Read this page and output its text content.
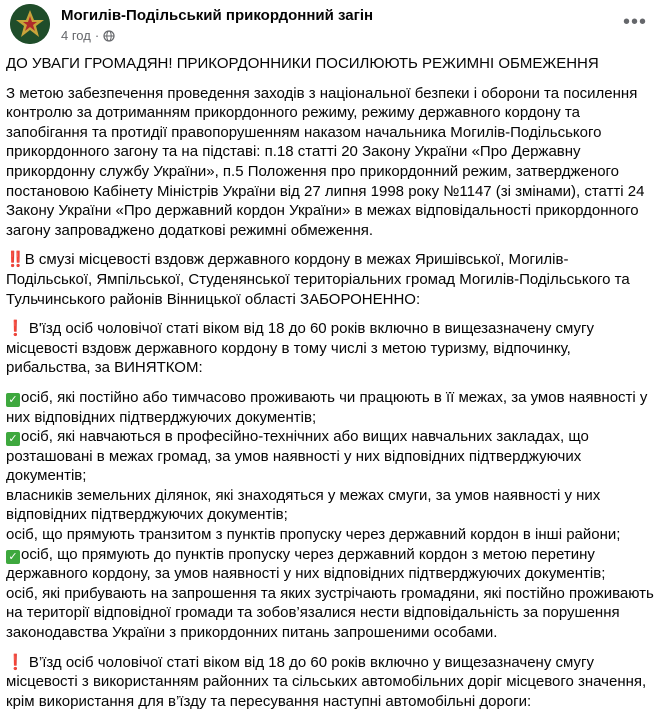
Могилів-Подільський прикордонний загін
4 год ·
•••

ДО УВАГИ ГРОМАДЯН! ПРИКОРДОННИКИ ПОСИЛЮЮТЬ РЕЖИМНІ ОБМЕЖЕННЯ

З метою забезпечення проведення заходів з національної безпеки і оборони та посилення контролю за дотриманням прикордонного режиму, режиму державного кордону та запобігання та протидії правопорушенням наказом начальника Могилів-Подільського прикордонного загону та на підставі: п.18 статті 20 Закону України «Про Державну прикордонну службу України», п.5 Положення про прикордонний режим, затвердженого постановою Кабінету Міністрів України від 27 липня 1998 року №1147 (зі змінами), статті 24 Закону України «Про державний кордон України» в межах відповідальності прикордонного загону запроваджено додаткові режимні обмеження.

‼️В смузі місцевості вздовж державного кордону в межах Яришівської, Могилів-Подільської, Ямпільської, Студенянської територіальних громад Могилів-Подільського та Тульчинського районів Вінницької області ЗАБОРОНЕННО:

❗ В'їзд осіб чоловічої статі віком від 18 до 60 років включно в вищезазначену смугу місцевості вздовж державного кордону в тому числі з метою туризму, відпочинку, рибальства, за ВИНЯТКОМ:

✓ осіб, які постійно або тимчасово проживають чи працюють в її межах, за умов наявності у них відповідних підтверджуючих документів;

✓ осіб, які навчаються в професійно-технічних або вищих навчальних закладах, що розташовані в межах громад, за умов наявності у них відповідних підтверджуючих документів;

власників земельних ділянок, які знаходяться у межах смуги, за умов наявності у них відповідних підтверджуючих документів;

осіб, що прямують транзитом з пунктів пропуску через державний кордон в інші райони;

✓ осіб, що прямують до пунктів пропуску через державний кордон з метою перетину державного кордону, за умов наявності у них відповідних підтверджуючих документів;

осіб, які прибувають на запрошення та яких зустрічають громадяни, які постійно проживають на території відповідної громади та зобов’язалися нести відповідальність за порушення законодавства України з прикордонних питань запрошеними особами.

❗ В’їзд осіб чоловічої статі віком від 18 до 60 років включно у вищезазначену смугу місцевості з використанням районних та сільських автомобільних доріг місцевого значення, крім використання для в’їзду та пересування наступні автомобільні дороги:
